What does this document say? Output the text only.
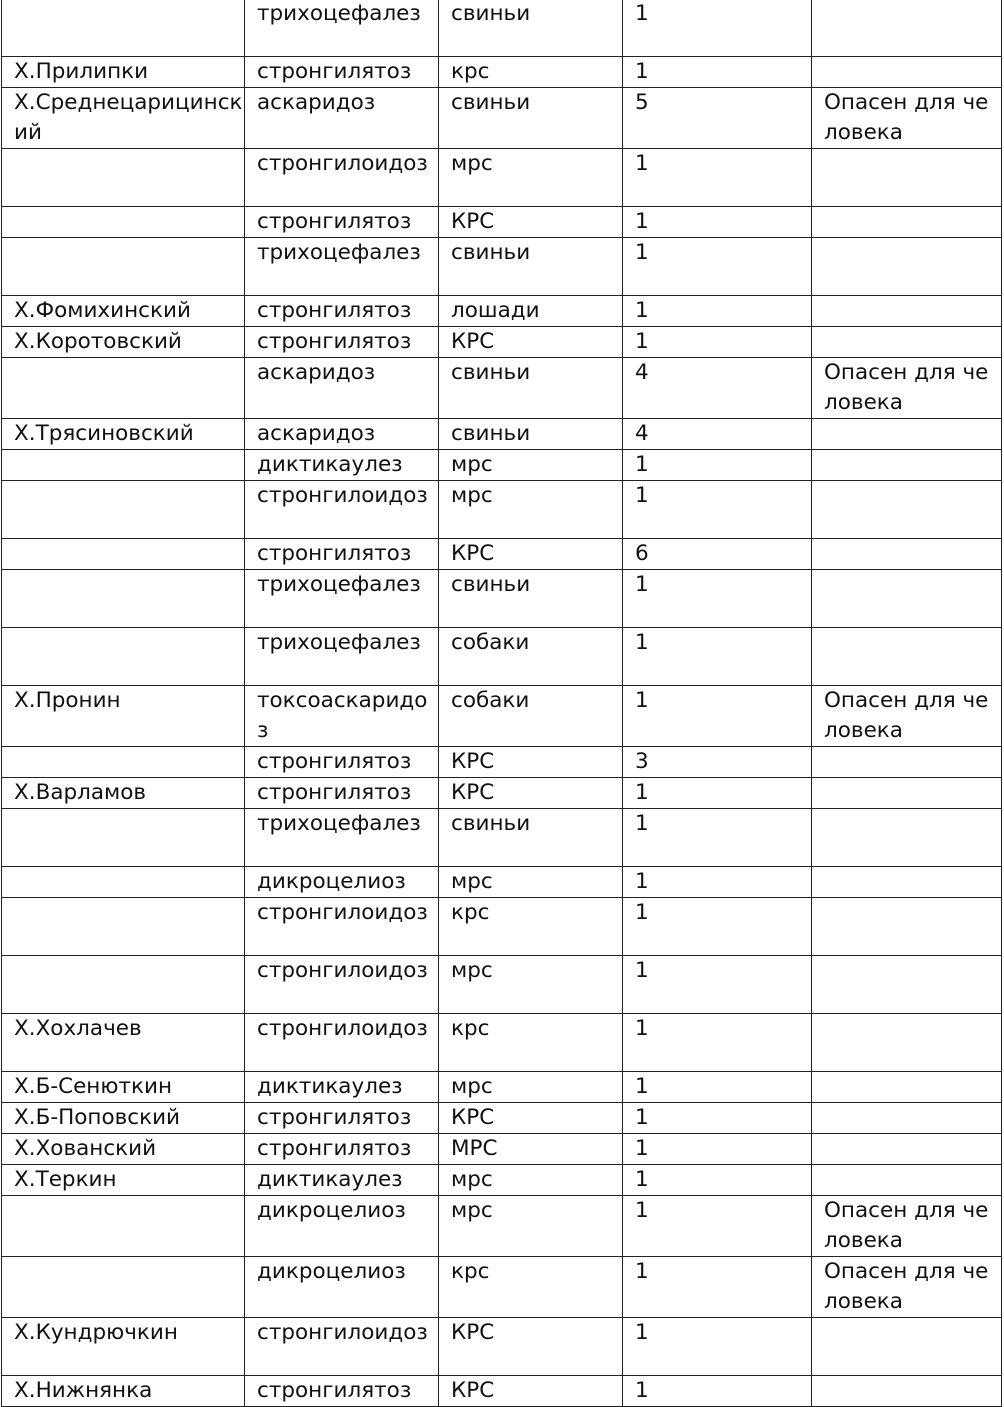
	трихоцефалез	свиньи	1	
Х.Прилипки	стронгилятоз	крс	1	
Х.Среднецарицинский	аскаридоз	свиньи	5	Опасен для человека
	стронгилоидоз	мрс	1	
	стронгилятоз	КРС	1	
	трихоцефалез	свиньи	1	
Х.Фомихинский	стронгилятоз	лошади	1	
Х.Коротовский	стронгилятоз	КРС	1	
	аскаридоз	свиньи	4	Опасен для человека
Х.Трясиновский	аскаридоз	свиньи	4	
	диктикаулез	мрс	1	
	стронгилоидоз	мрс	1	
	стронгилятоз	КРС	6	
	трихоцефалез	свиньи	1	
	трихоцефалез	собаки	1	
Х.Пронин	токсоаскаридоз	собаки	1	Опасен для человека
	стронгилятоз	КРС	3	
Х.Варламов	стронгилятоз	КРС	1	
	трихоцефалез	свиньи	1	
	дикроцелиоз	мрс	1	
	стронгилоидоз	крс	1	
	стронгилоидоз	мрс	1	
Х.Хохлачев	стронгилоидоз	крс	1	
Х.Б-Сенюткин	диктикаулез	мрс	1	
Х.Б-Поповский	стронгилятоз	КРС	1	
Х.Хованский	стронгилятоз	МРС	1	
Х.Теркин	диктикаулез	мрс	1	
	дикроцелиоз	мрс	1	Опасен для человека
	дикроцелиоз	крс	1	Опасен для человека
Х.Кундрючкин	стронгилоидоз	КРС	1	
Х.Нижнянка	стронгилятоз	КРС	1	
